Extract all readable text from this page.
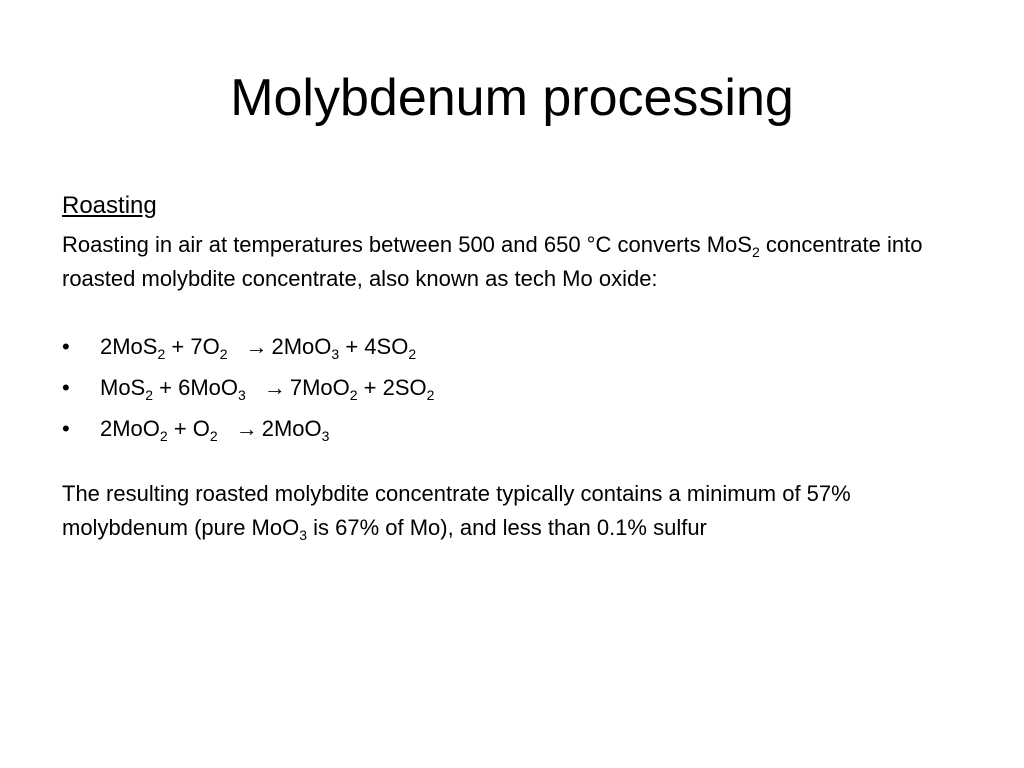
Molybdenum processing
Roasting

Roasting in air at temperatures between 500 and 650 °C converts MoS$_2$ concentrate into roasted molybdite concentrate, also known as tech Mo oxide:

• $2MoS_2 + 7O_2 \to 2MoO_3 + 4SO_2$
• $MoS_2 + 6MoO_3 \to 7MoO_2 + 2SO_2$
• $2MoO_2 + O_2 \to 2MoO_3$

The resulting roasted molybdite concentrate typically contains a minimum of 57% molybdenum (pure MoO$_3$ is 67% of Mo), and less than 0.1% sulfur
